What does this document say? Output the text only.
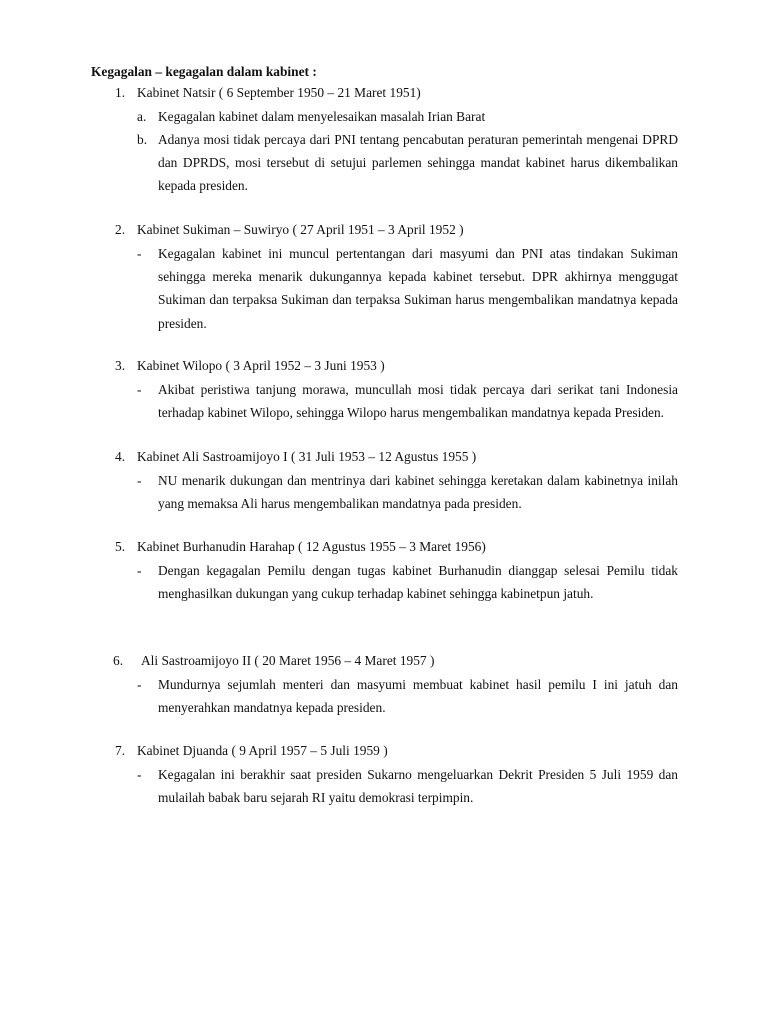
Kegagalan – kegagalan dalam kabinet :
1. Kabinet Natsir ( 6 September 1950 – 21 Maret 1951)
a. Kegagalan kabinet dalam menyelesaikan masalah Irian Barat

b. Adanya mosi tidak percaya dari PNI tentang pencabutan peraturan pemerintah mengenai DPRD dan DPRDS, mosi tersebut di setujui parlemen sehingga mandat kabinet harus dikembalikan kepada presiden.

2. Kabinet Sukiman – Suwiryo ( 27 April 1951 – 3 April 1952 )
- Kegagalan kabinet ini muncul pertentangan dari masyumi dan PNI atas tindakan Sukiman sehingga mereka menarik dukungannya kepada kabinet tersebut. DPR akhirnya menggugat Sukiman dan terpaksa Sukiman dan terpaksa Sukiman harus mengembalikan mandatnya kepada presiden.

3. Kabinet Wilopo ( 3 April 1952 – 3 Juni 1953 )
- Akibat peristiwa tanjung morawa, muncullah mosi tidak percaya dari serikat tani Indonesia terhadap kabinet Wilopo, sehingga Wilopo harus mengembalikan mandatnya kepada Presiden.

4. Kabinet Ali Sastroamijoyo I ( 31 Juli 1953 – 12 Agustus 1955 )
- NU menarik dukungan dan mentrinya dari kabinet sehingga keretakan dalam kabinetnya inilah yang memaksa Ali harus mengembalikan mandatnya pada presiden.

5. Kabinet Burhanudin Harahap ( 12 Agustus 1955 – 3 Maret 1956)
- Dengan kegagalan Pemilu dengan tugas kabinet Burhanudin dianggap selesai Pemilu tidak menghasilkan dukungan yang cukup terhadap kabinet sehingga kabinetpun jatuh.

6. Ali Sastroamijoyo II ( 20 Maret 1956 – 4 Maret 1957 )
- Mundurnya sejumlah menteri dan masyumi membuat kabinet hasil pemilu I ini jatuh dan menyerahkan mandatnya kepada presiden.

7. Kabinet Djuanda ( 9 April 1957 – 5 Juli 1959 )
- Kegagalan ini berakhir saat presiden Sukarno mengeluarkan Dekrit Presiden 5 Juli 1959 dan mulailah babak baru sejarah RI yaitu demokrasi terpimpin.
